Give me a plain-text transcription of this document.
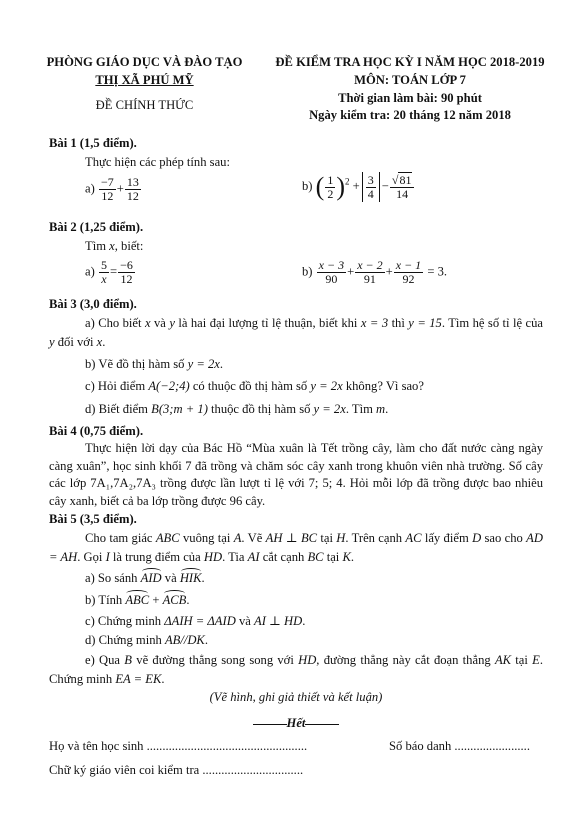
PHÒNG GIÁO DỤC VÀ ĐÀO TẠO
THỊ XÃ PHÚ MỸ
ĐỀ CHÍNH THỨC
ĐỀ KIỂM TRA HỌC KỲ I NĂM HỌC 2018-2019
MÔN: TOÁN LỚP 7
Thời gian làm bài: 90 phút
Ngày kiểm tra: 20 tháng 12 năm 2018
Bài 1 (1,5 điểm).
Thực hiện các phép tính sau:
$a) \frac{-7}{12} + \frac{13}{12}$	b) ( $\frac{1}{2} )^2 + \frac{3}{4} - \frac{√81}{14}$
Bài 2 (1,25 điểm).
Tìm x, biết:
$a) \frac{5}{x} = \frac{-6}{12}$	$b) \frac{x - 3}{90} + \frac{x - 2}{91} + \frac{x - 1}{92} = 3$.
Bài 3 (3,0 điểm).
a) Cho biết x và y là hai đại lượng tỉ lệ thuận, biết khi x = 3 thì y = 15. Tìm hệ số tỉ lệ của y đối với x.
b) Vẽ đồ thị hàm số y = 2x.
c) Hỏi điểm A(−2;4) có thuộc đồ thị hàm số y = 2x không? Vì sao?
d) Biết điểm B(3;m + 1) thuộc đồ thị hàm số y = 2x. Tìm m.
Bài 4 (0,75 điểm).
Thực hiện lời dạy của Bác Hồ “Mùa xuân là Tết trồng cây, làm cho đất nước càng ngày càng xuân”, học sinh khối 7 đã trồng và chăm sóc cây xanh trong khuôn viên nhà trường. Số cây các lớp 7A₁,7A₂,7A₃ trồng được lần lượt tỉ lệ với 7; 5; 4. Hỏi mỗi lớp đã trồng được bao nhiêu cây xanh, biết cả ba lớp trồng được 96 cây.
Bài 5 (3,5 điểm).
Cho tam giác ABC vuông tại A. Vẽ AH ⊥ BC tại H. Trên cạnh AC lấy điểm D sao cho AD = AH. Gọi I là trung điểm của HD. Tia AI cắt cạnh BC tại K.
a) So sánh AID và HIK.
b) Tính ABC + ACB.
c) Chứng minh ΔAIH = ΔAID và AI ⊥ HD.
d) Chứng minh AB//DK.
e) Qua B vẽ đường thẳng song song với HD, đường thẳng này cắt đoạn thẳng AK tại E. Chứng minh EA = EK.
(Vẽ hình, ghi giả thiết và kết luận)
Hết
Họ và tên học sinh ...................................................	Số báo danh ........................
Chữ ký giáo viên coi kiểm tra ................................
